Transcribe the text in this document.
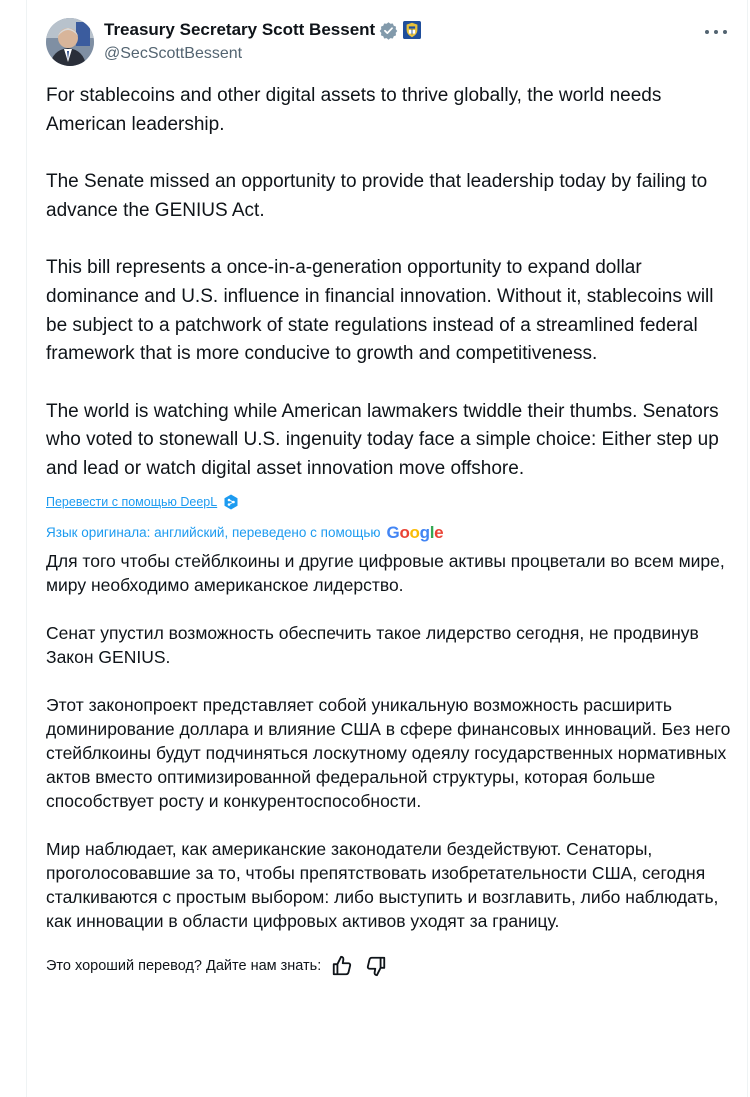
Treasury Secretary Scott Bessent
@SecScottBessent

For stablecoins and other digital assets to thrive globally, the world needs American leadership.

The Senate missed an opportunity to provide that leadership today by failing to advance the GENIUS Act.

This bill represents a once-in-a-generation opportunity to expand dollar dominance and U.S. influence in financial innovation. Without it, stablecoins will be subject to a patchwork of state regulations instead of a streamlined federal framework that is more conducive to growth and competitiveness.

The world is watching while American lawmakers twiddle their thumbs. Senators who voted to stonewall U.S. ingenuity today face a simple choice: Either step up and lead or watch digital asset innovation move offshore.

Перевести с помощью DeepL
Язык оригинала: английский, переведено с помощью Google

Для того чтобы стейблкоины и другие цифровые активы процветали во всем мире, миру необходимо американское лидерство.

Сенат упустил возможность обеспечить такое лидерство сегодня, не продвинув Закон GENIUS.

Этот законопроект представляет собой уникальную возможность расширить доминирование доллара и влияние США в сфере финансовых инноваций. Без него стейблкоины будут подчиняться лоскутному одеялу государственных нормативных актов вместо оптимизированной федеральной структуры, которая больше способствует росту и конкурентоспособности.

Мир наблюдает, как американские законодатели бездействуют. Сенаторы, проголосовавшие за то, чтобы препятствовать изобретательности США, сегодня сталкиваются с простым выбором: либо выступить и возглавить, либо наблюдать, как инновации в области цифровых активов уходят за границу.

Это хороший перевод? Дайте нам знать:
